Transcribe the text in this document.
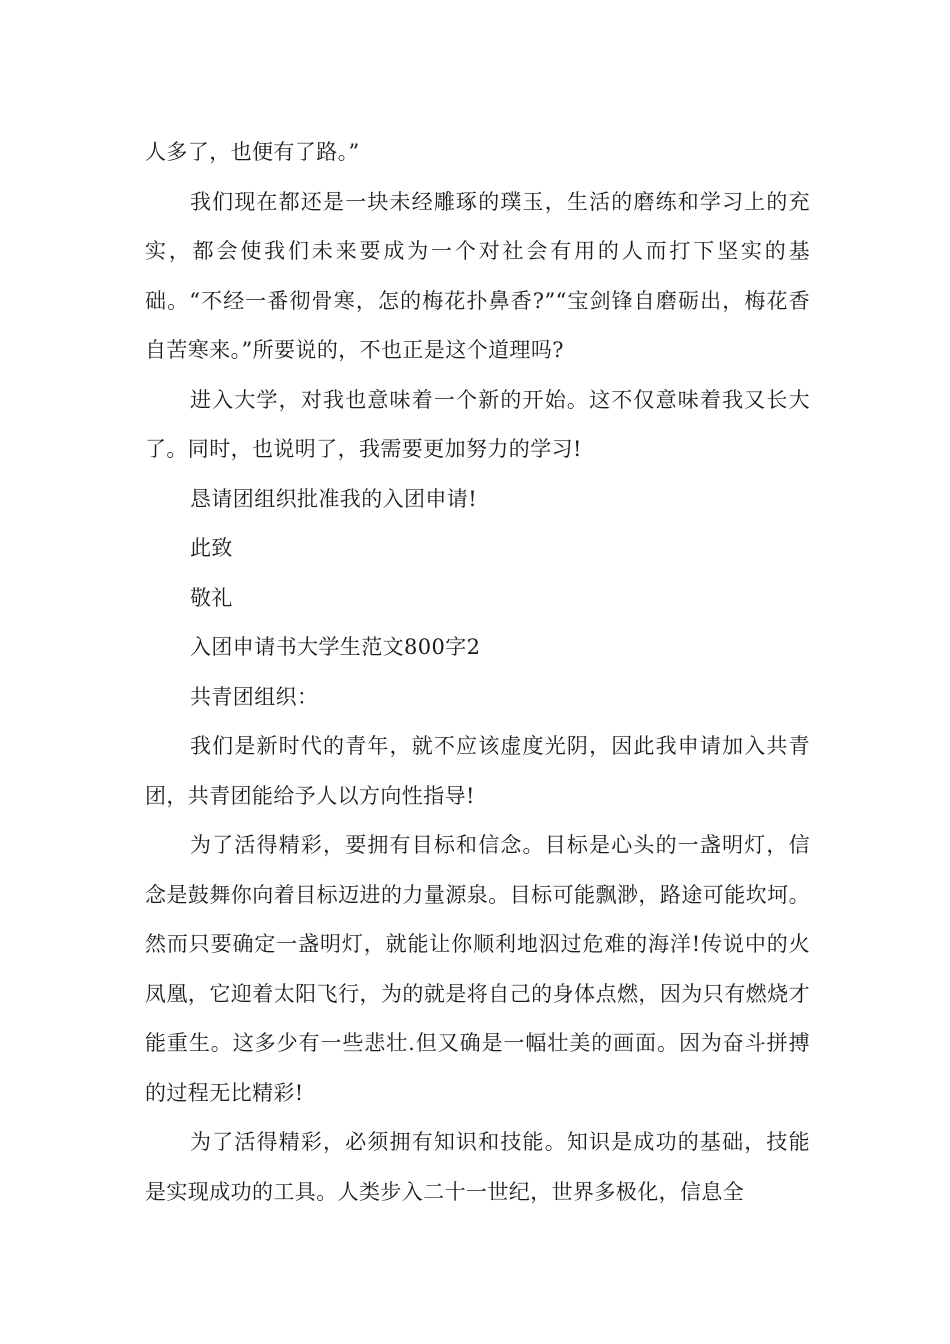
人多了，也便有了路。”

我们现在都还是一块未经雕琢的璞玉，生活的磨练和学习上的充实，都会使我们未来要成为一个对社会有用的人而打下坚实的基础。“不经一番彻骨寒，怎的梅花扑鼻香?”“宝剑锋自磨砺出，梅花香自苦寒来。”所要说的，不也正是这个道理吗?

进入大学，对我也意味着一个新的开始。这不仅意味着我又长大了。同时，也说明了，我需要更加努力的学习!

恳请团组织批准我的入团申请!

此致

敬礼

入团申请书大学生范文800字2

共青团组织：

我们是新时代的青年，就不应该虚度光阴，因此我申请加入共青团，共青团能给予人以方向性指导!

为了活得精彩，要拥有目标和信念。目标是心头的一盏明灯，信念是鼓舞你向着目标迈进的力量源泉。目标可能飘渺，路途可能坎坷。然而只要确定一盏明灯，就能让你顺利地泅过危难的海洋!传说中的火凤凰，它迎着太阳飞行，为的就是将自己的身体点燃，因为只有燃烧才能重生。这多少有一些悲壮.但又确是一幅壮美的画面。因为奋斗拼搏的过程无比精彩!

为了活得精彩，必须拥有知识和技能。知识是成功的基础，技能是实现成功的工具。人类步入二十一世纪，世界多极化，信息全
